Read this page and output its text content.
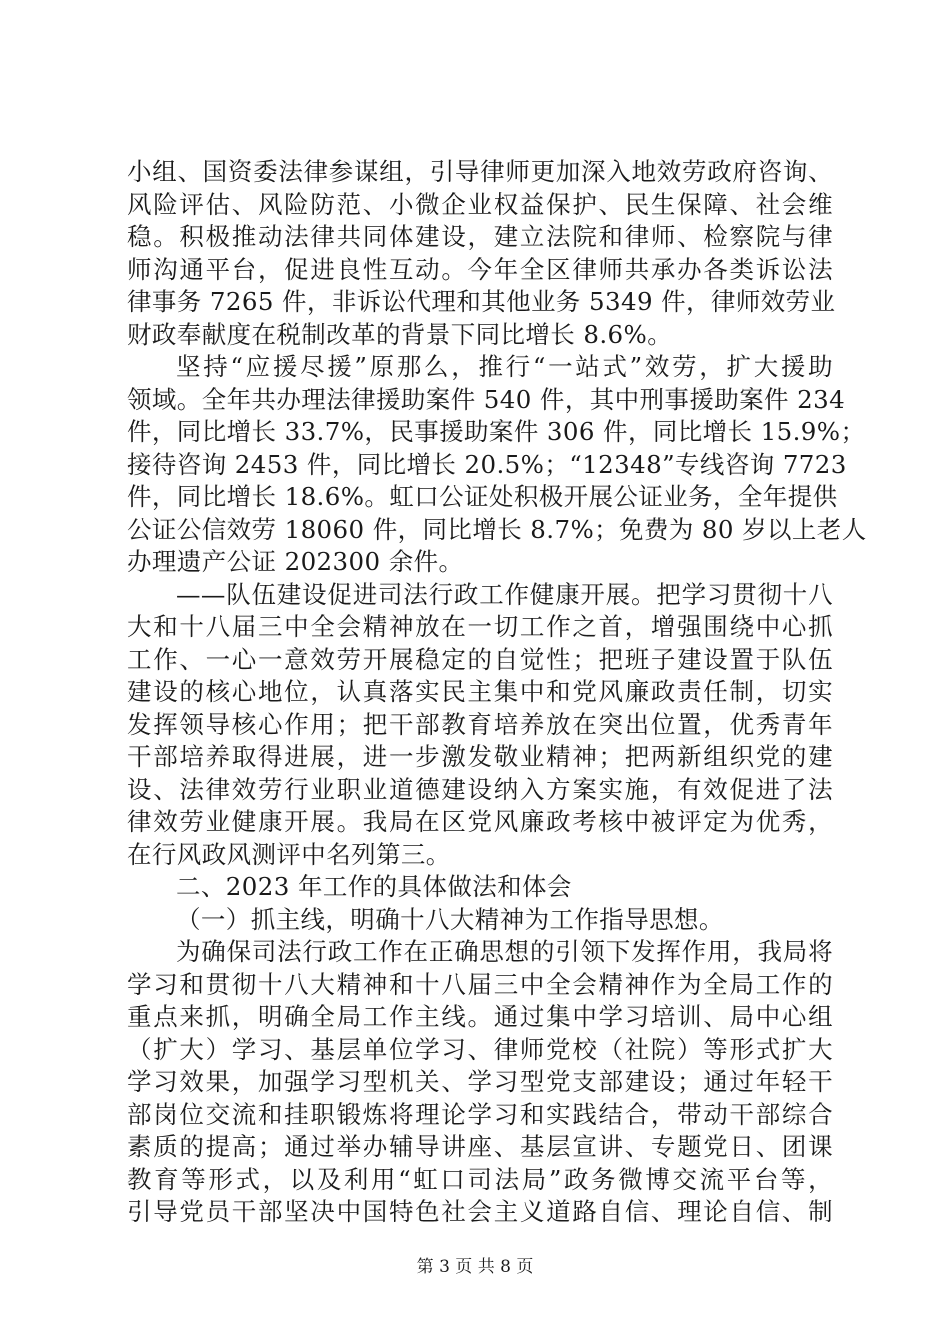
小组、国资委法律参谋组，引导律师更加深入地效劳政府咨询、
风险评估、风险防范、小微企业权益保护、民生保障、社会维
稳。积极推动法律共同体建设，建立法院和律师、检察院与律
师沟通平台，促进良性互动。今年全区律师共承办各类诉讼法
律事务 7265 件，非诉讼代理和其他业务 5349 件，律师效劳业
财政奉献度在税制改革的背景下同比增长 8.6%。
坚持“应援尽援”原那么，推行“一站式”效劳，扩大援助
领域。全年共办理法律援助案件 540 件，其中刑事援助案件 234
件，同比增长 33.7%，民事援助案件 306 件，同比增长 15.9%；
接待咨询 2453 件，同比增长 20.5%；“12348”专线咨询 7723
件，同比增长 18.6%。虹口公证处积极开展公证业务，全年提供
公证公信效劳 18060 件，同比增长 8.7%；免费为 80 岁以上老人
办理遗产公证 202300 余件。
——队伍建设促进司法行政工作健康开展。把学习贯彻十八
大和十八届三中全会精神放在一切工作之首，增强围绕中心抓
工作、一心一意效劳开展稳定的自觉性；把班子建设置于队伍
建设的核心地位，认真落实民主集中和党风廉政责任制，切实
发挥领导核心作用；把干部教育培养放在突出位置，优秀青年
干部培养取得进展，进一步激发敬业精神；把两新组织党的建
设、法律效劳行业职业道德建设纳入方案实施，有效促进了法
律效劳业健康开展。我局在区党风廉政考核中被评定为优秀，
在行风政风测评中名列第三。
二、2023 年工作的具体做法和体会
（一）抓主线，明确十八大精神为工作指导思想。
为确保司法行政工作在正确思想的引领下发挥作用，我局将
学习和贯彻十八大精神和十八届三中全会精神作为全局工作的
重点来抓，明确全局工作主线。通过集中学习培训、局中心组
（扩大）学习、基层单位学习、律师党校（社院）等形式扩大
学习效果，加强学习型机关、学习型党支部建设；通过年轻干
部岗位交流和挂职锻炼将理论学习和实践结合，带动干部综合
素质的提高；通过举办辅导讲座、基层宣讲、专题党日、团课
教育等形式，以及利用“虹口司法局”政务微博交流平台等，
引导党员干部坚决中国特色社会主义道路自信、理论自信、制
第 3 页 共 8 页
